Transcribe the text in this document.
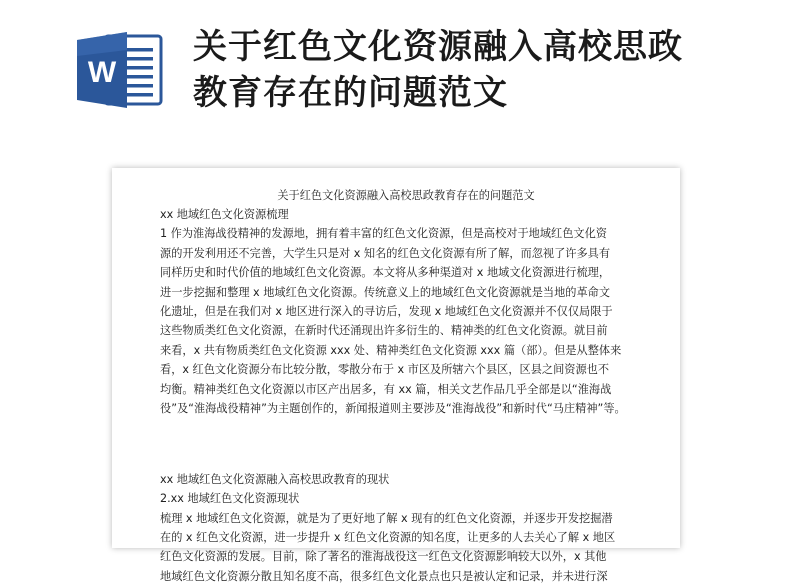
W
关于红色文化资源融入高校思政
教育存在的问题范文

关于红色文化资源融入高校思政教育存在的问题范文

xx 地域红色文化资源梳理

1 作为淮海战役精神的发源地，拥有着丰富的红色文化资源，但是高校对于地域红色文化资

源的开发利用还不完善，大学生只是对 x 知名的红色文化资源有所了解，而忽视了许多具有

同样历史和时代价值的地域红色文化资源。本文将从多种渠道对 x 地域文化资源进行梳理，

进一步挖掘和整理 x 地域红色文化资源。传统意义上的地域红色文化资源就是当地的革命文

化遗址，但是在我们对 x 地区进行深入的寻访后，发现 x 地域红色文化资源并不仅仅局限于

这些物质类红色文化资源，在新时代还涌现出许多衍生的、精神类的红色文化资源。就目前

来看，x 共有物质类红色文化资源 xxx 处、精神类红色文化资源 xxx 篇（部）。但是从整体来

看，x 红色文化资源分布比较分散，零散分布于 x 市区及所辖六个县区，区县之间资源也不

均衡。精神类红色文化资源以市区产出居多，有 xx 篇，相关文艺作品几乎全部是以“淮海战

役”及“淮海战役精神”为主题创作的，新闻报道则主要涉及“淮海战役”和新时代“马庄精神”等。

xx 地域红色文化资源融入高校思政教育的现状

2.xx 地域红色文化资源现状

梳理 x 地域红色文化资源，就是为了更好地了解 x 现有的红色文化资源，并逐步开发挖掘潜

在的 x 红色文化资源，进一步提升 x 红色文化资源的知名度，让更多的人去关心了解 x 地区

红色文化资源的发展。目前，除了著名的淮海战役这一红色文化资源影响较大以外，x 其他

地域红色文化资源分散且知名度不高，很多红色文化景点也只是被认定和记录，并未进行深
